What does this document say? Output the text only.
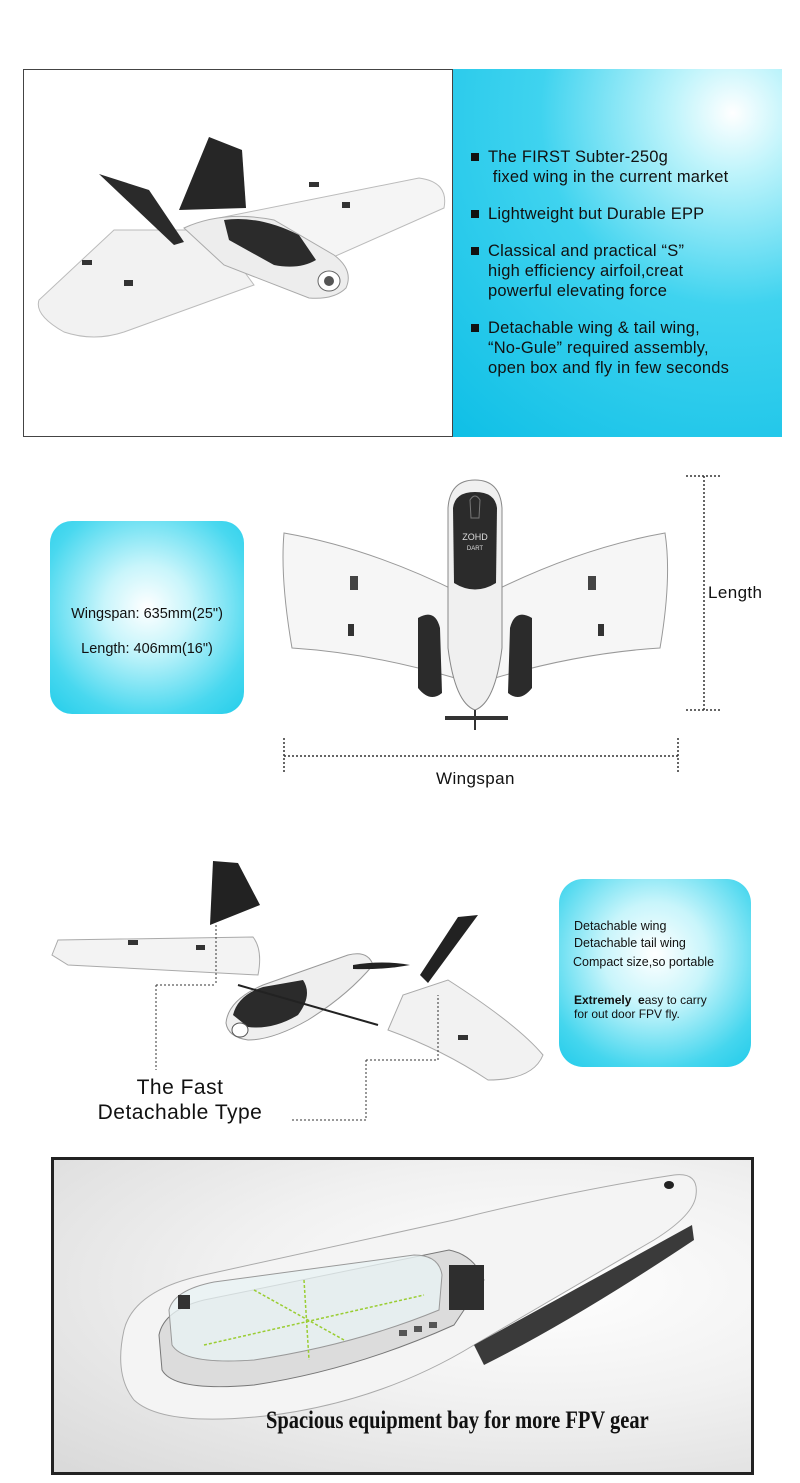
The FIRST Subter-250g
fixed wing in the current market
Lightweight but Durable EPP
Classical and practical “S”
high efficiency airfoil,creat
powerful elevating force
Detachable wing & tail wing,
“No-Gule” required assembly,
open box and fly in few seconds
Wingspan: 635mm(25")
Length: 406mm(16")
ZOHD
DART
Length
Wingspan
The Fast
Detachable Type
Detachable wing
Detachable tail wing
Compact size,so portable
Extremely  easy to carry
for out door FPV fly.
Spacious equipment bay for more FPV gear
